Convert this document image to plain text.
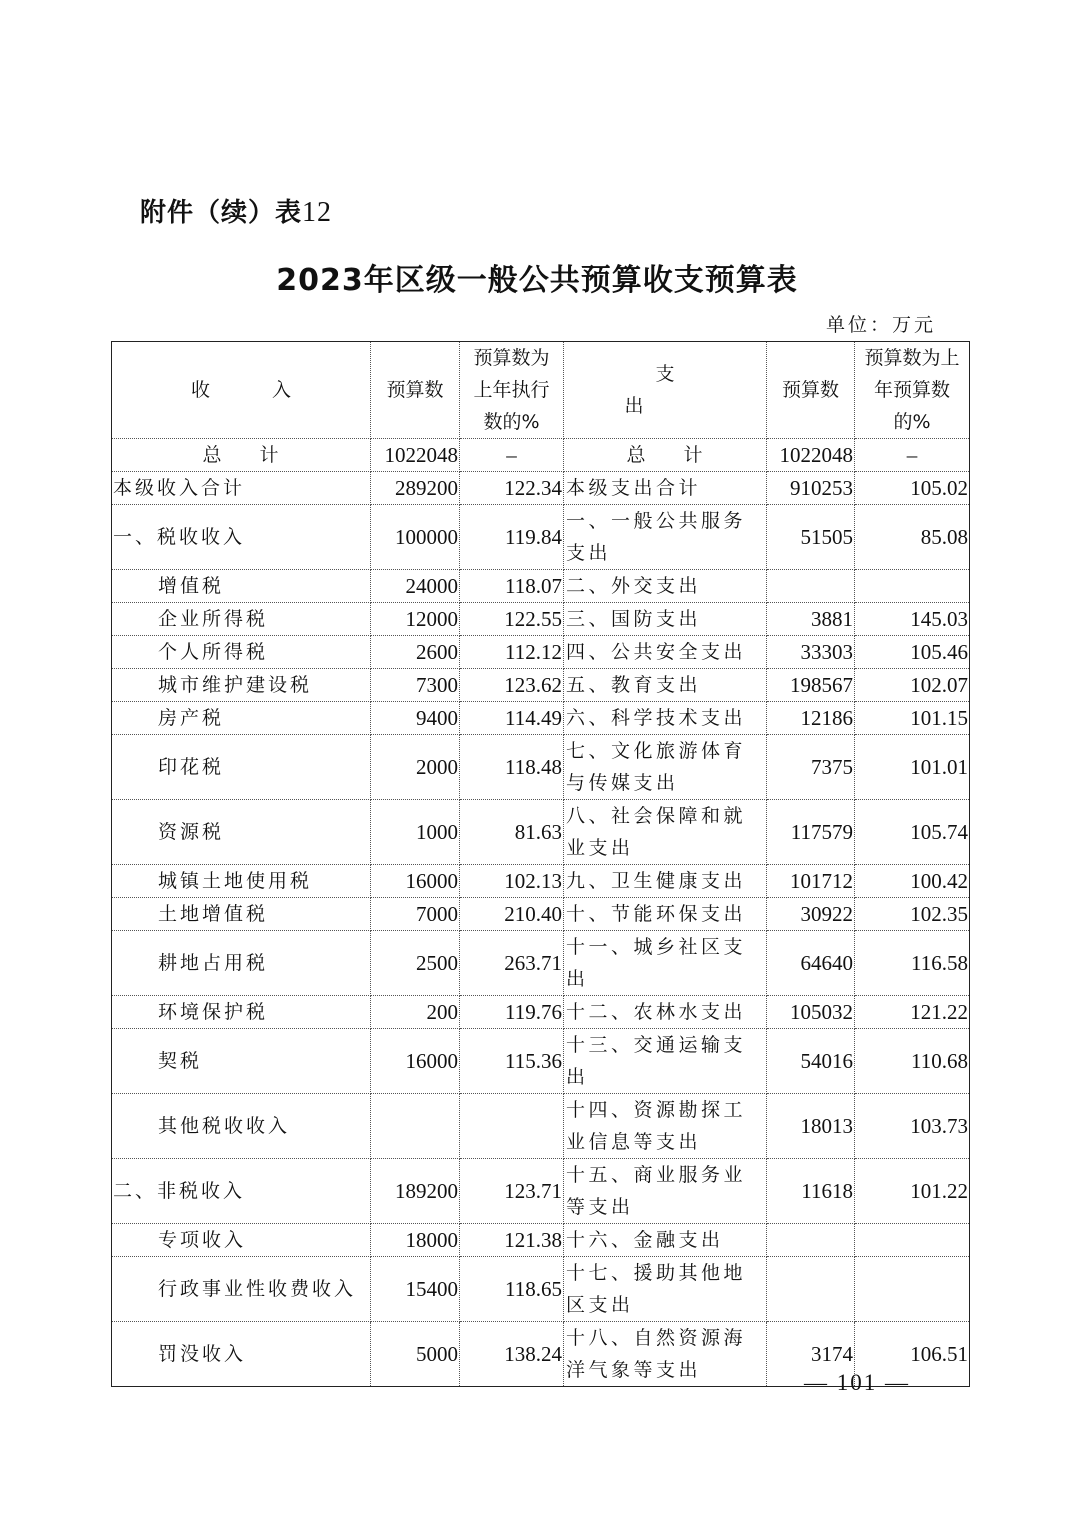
附件（续）表12
2023年区级一般公共预算收支预算表
单位：万元
收入	预算数	预算数为上年执行数的%	支出	预算数	预算数为上年预算数的%
总计	1022048	–	总计	1022048	–
本级收入合计	289200	122.34	本级支出合计	910253	105.02
一、税收收入	100000	119.84	一、一般公共服务支出	51505	85.08
增值税	24000	118.07	二、外交支出		
企业所得税	12000	122.55	三、国防支出	3881	145.03
个人所得税	2600	112.12	四、公共安全支出	33303	105.46
城市维护建设税	7300	123.62	五、教育支出	198567	102.07
房产税	9400	114.49	六、科学技术支出	12186	101.15
印花税	2000	118.48	七、文化旅游体育与传媒支出	7375	101.01
资源税	1000	81.63	八、社会保障和就业支出	117579	105.74
城镇土地使用税	16000	102.13	九、卫生健康支出	101712	100.42
土地增值税	7000	210.40	十、节能环保支出	30922	102.35
耕地占用税	2500	263.71	十一、城乡社区支出	64640	116.58
环境保护税	200	119.76	十二、农林水支出	105032	121.22
契税	16000	115.36	十三、交通运输支出	54016	110.68
其他税收收入			十四、资源勘探工业信息等支出	18013	103.73
二、非税收入	189200	123.71	十五、商业服务业等支出	11618	101.22
专项收入	18000	121.38	十六、金融支出		
行政事业性收费收入	15400	118.65	十七、援助其他地区支出		
罚没收入	5000	138.24	十八、自然资源海洋气象等支出	3174	106.51
— 101 —
